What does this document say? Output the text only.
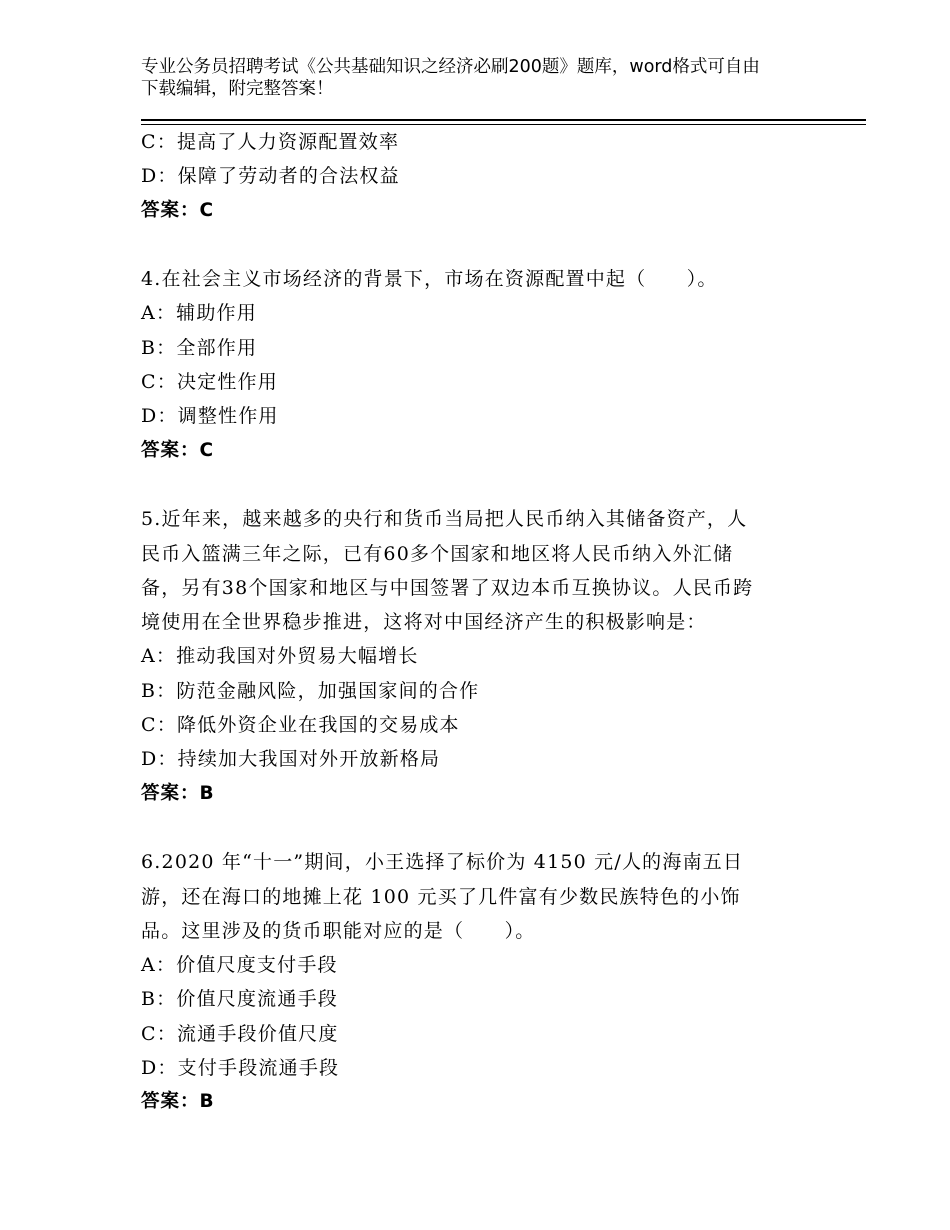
专业公务员招聘考试《公共基础知识之经济必刷200题》题库，word格式可自由
下载编辑，附完整答案！
C：提高了人力资源配置效率
D：保障了劳动者的合法权益
答案：C
4.在社会主义市场经济的背景下，市场在资源配置中起（　　）。
A：辅助作用
B：全部作用
C：决定性作用
D：调整性作用
答案：C
5.近年来，越来越多的央行和货币当局把人民币纳入其储备资产，人
民币入篮满三年之际，已有60多个国家和地区将人民币纳入外汇储
备，另有38个国家和地区与中国签署了双边本币互换协议。人民币跨
境使用在全世界稳步推进，这将对中国经济产生的积极影响是：
A：推动我国对外贸易大幅增长
B：防范金融风险，加强国家间的合作
C：降低外资企业在我国的交易成本
D：持续加大我国对外开放新格局
答案：B
6.2020 年“十一”期间，小王选择了标价为 4150 元/人的海南五日
游，还在海口的地摊上花 100 元买了几件富有少数民族特色的小饰
品。这里涉及的货币职能对应的是（　　）。
A：价值尺度支付手段
B：价值尺度流通手段
C：流通手段价值尺度
D：支付手段流通手段
答案：B
